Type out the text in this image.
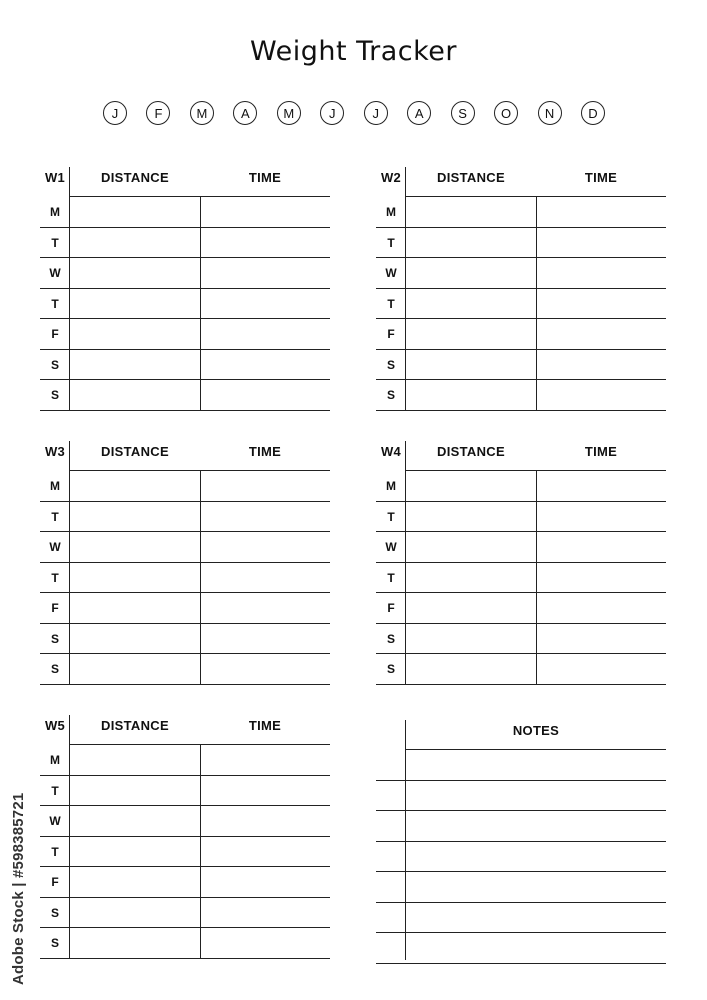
Weight Tracker
J	F	M	A	M	J	J	A	S	O	N	D
W1	DISTANCE	TIME
M
T
W
T
F
S
S
W2	DISTANCE	TIME
M
T
W
T
F
S
S
W3	DISTANCE	TIME
M
T
W
T
F
S
S
W4	DISTANCE	TIME
M
T
W
T
F
S
S
W5	DISTANCE	TIME
M
T
W
T
F
S
S
NOTES
Adobe Stock | #598385721
